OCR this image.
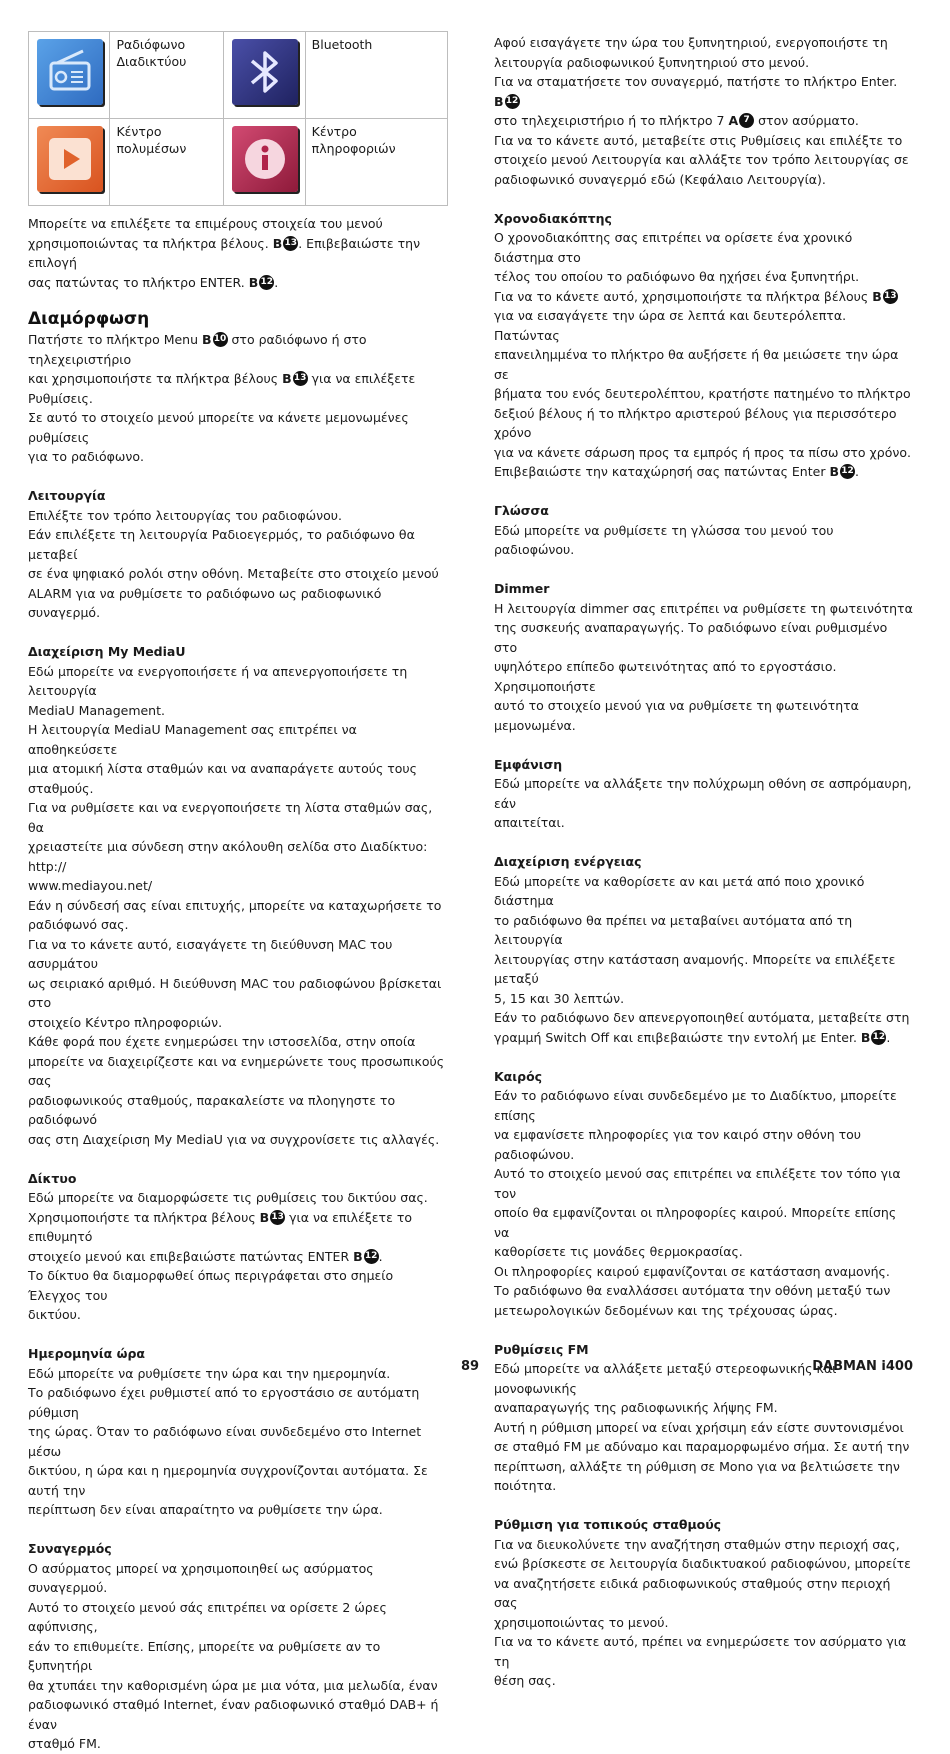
	Ραδιόφωνο
Διαδικτύου		Bluetooth

	Κέντρο
πολυμέσων		Κέντρο πληροφοριών

Μπορείτε να επιλέξετε τα επιμέρους στοιχεία του μενού
χρησιμοποιώντας τα πλήκτρα βέλους. B 13 . Επιβεβαιώστε την επιλογή
σας πατώντας το πλήκτρο ENTER. B 12 .

Διαμόρφωση

Πατήστε το πλήκτρο Menu B 10 στο ραδιόφωνο ή στο τηλεχειριστήριο
και χρησιμοποιήστε τα πλήκτρα βέλους B 13 για να επιλέξετε
Ρυθμίσεις.
Σε αυτό το στοιχείο μενού μπορείτε να κάνετε μεμονωμένες ρυθμίσεις
για το ραδιόφωνο.

Λειτουργία

Επιλέξτε τον τρόπο λειτουργίας του ραδιοφώνου.
Εάν επιλέξετε τη λειτουργία Ραδιοεγερμός, το ραδιόφωνο θα μεταβεί
σε ένα ψηφιακό ρολόι στην οθόνη. Μεταβείτε στο στοιχείο μενού
ALARM για να ρυθμίσετε το ραδιόφωνο ως ραδιοφωνικό συναγερμό.

Διαχείριση My MediaU

Εδώ μπορείτε να ενεργοποιήσετε ή να απενεργοποιήσετε τη λειτουργία
MediaU Management.
Η λειτουργία MediaU Management σας επιτρέπει να αποθηκεύσετε
μια ατομική λίστα σταθμών και να αναπαράγετε αυτούς τους σταθμούς.
Για να ρυθμίσετε και να ενεργοποιήσετε τη λίστα σταθμών σας, θα
χρειαστείτε μια σύνδεση στην ακόλουθη σελίδα στο Διαδίκτυο: http://
www.mediayou.net/
Εάν η σύνδεσή σας είναι επιτυχής, μπορείτε να καταχωρήσετε το
ραδιόφωνό σας.
Για να το κάνετε αυτό, εισαγάγετε τη διεύθυνση MAC του ασυρμάτου
ως σειριακό αριθμό. Η διεύθυνση MAC του ραδιοφώνου βρίσκεται στο
στοιχείο Κέντρο πληροφοριών.
Κάθε φορά που έχετε ενημερώσει την ιστοσελίδα, στην οποία
μπορείτε να διαχειρίζεστε και να ενημερώνετε τους προσωπικούς σας
ραδιοφωνικούς σταθμούς, παρακαλείστε να πλοηγηστε το ραδιόφωνό
σας στη Διαχείριση My MediaU για να συγχρονίσετε τις αλλαγές.

Δίκτυο

Εδώ μπορείτε να διαμορφώσετε τις ρυθμίσεις του δικτύου σας.
Χρησιμοποιήστε τα πλήκτρα βέλους B 13 για να επιλέξετε το επιθυμητό
στοιχείο μενού και επιβεβαιώστε πατώντας ENTER B 12 .
Το δίκτυο θα διαμορφωθεί όπως περιγράφεται στο σημείο Έλεγχος του
δικτύου.

Ημερομηνία ώρα

Εδώ μπορείτε να ρυθμίσετε την ώρα και την ημερομηνία.
Το ραδιόφωνο έχει ρυθμιστεί από το εργοστάσιο σε αυτόματη ρύθμιση
της ώρας. Όταν το ραδιόφωνο είναι συνδεδεμένο στο Internet μέσω
δικτύου, η ώρα και η ημερομηνία συγχρονίζονται αυτόματα. Σε αυτή την
περίπτωση δεν είναι απαραίτητο να ρυθμίσετε την ώρα.

Συναγερμός

Ο ασύρματος μπορεί να χρησιμοποιηθεί ως ασύρματος συναγερμού.
Αυτό το στοιχείο μενού σάς επιτρέπει να ορίσετε 2 ώρες αφύπνισης,
εάν το επιθυμείτε. Επίσης, μπορείτε να ρυθμίσετε αν το ξυπνητήρι
θα χτυπάει την καθορισμένη ώρα με μια νότα, μια μελωδία, έναν
ραδιοφωνικό σταθμό Internet, έναν ραδιοφωνικό σταθμό DAB+ ή έναν
σταθμό FM.

Αφού εισαγάγετε την ώρα του ξυπνητηριού, ενεργοποιήστε τη
λειτουργία ραδιοφωνικού ξυπνητηριού στο μενού.
Για να σταματήσετε τον συναγερμό, πατήστε το πλήκτρο Enter.
B 12

στο τηλεχειριστήριο ή το πλήκτρο 7 A 7 στον ασύρματο.
Για να το κάνετε αυτό, μεταβείτε στις Ρυθμίσεις και επιλέξτε το
στοιχείο μενού Λειτουργία και αλλάξτε τον τρόπο λειτουργίας σε
ραδιοφωνικό συναγερμό εδώ (Κεφάλαιο Λειτουργία).

Χρονοδιακόπτης

Ο χρονοδιακόπτης σας επιτρέπει να ορίσετε ένα χρονικό διάστημα στο
τέλος του οποίου το ραδιόφωνο θα ηχήσει ένα ξυπνητήρι.
Για να το κάνετε αυτό, χρησιμοποιήστε τα πλήκτρα βέλους B 13

για να εισαγάγετε την ώρα σε λεπτά και δευτερόλεπτα. Πατώντας
επανειλημμένα το πλήκτρο θα αυξήσετε ή θα μειώσετε την ώρα σε
βήματα του ενός δευτερολέπτου, κρατήστε πατημένο το πλήκτρο
δεξιού βέλους ή το πλήκτρο αριστερού βέλους για περισσότερο χρόνο
για να κάνετε σάρωση προς τα εμπρός ή προς τα πίσω στο χρόνο.
Επιβεβαιώστε την καταχώρησή σας πατώντας Enter B 12 .

Γλώσσα

Εδώ μπορείτε να ρυθμίσετε τη γλώσσα του μενού του ραδιοφώνου.

Dimmer

Η λειτουργία dimmer σας επιτρέπει να ρυθμίσετε τη φωτεινότητα
της συσκευής αναπαραγωγής. Το ραδιόφωνο είναι ρυθμισμένο στο
υψηλότερο επίπεδο φωτεινότητας από το εργοστάσιο. Χρησιμοποιήστε
αυτό το στοιχείο μενού για να ρυθμίσετε τη φωτεινότητα μεμονωμένα.

Εμφάνιση

Εδώ μπορείτε να αλλάξετε την πολύχρωμη οθόνη σε ασπρόμαυρη, εάν
απαιτείται.

Διαχείριση ενέργειας

Εδώ μπορείτε να καθορίσετε αν και μετά από ποιο χρονικό διάστημα
το ραδιόφωνο θα πρέπει να μεταβαίνει αυτόματα από τη λειτουργία
λειτουργίας στην κατάσταση αναμονής. Μπορείτε να επιλέξετε μεταξύ
5, 15 και 30 λεπτών.
Εάν το ραδιόφωνο δεν απενεργοποιηθεί αυτόματα, μεταβείτε στη
γραμμή Switch Off και επιβεβαιώστε την εντολή με Enter. B 12 .

Καιρός

Εάν το ραδιόφωνο είναι συνδεδεμένο με το Διαδίκτυο, μπορείτε επίσης
να εμφανίσετε πληροφορίες για τον καιρό στην οθόνη του ραδιοφώνου.
Αυτό το στοιχείο μενού σας επιτρέπει να επιλέξετε τον τόπο για τον
οποίο θα εμφανίζονται οι πληροφορίες καιρού. Μπορείτε επίσης να
καθορίσετε τις μονάδες θερμοκρασίας.
Οι πληροφορίες καιρού εμφανίζονται σε κατάσταση αναμονής.
Το ραδιόφωνο θα εναλλάσσει αυτόματα την οθόνη μεταξύ των
μετεωρολογικών δεδομένων και της τρέχουσας ώρας.

Ρυθμίσεις FM

Εδώ μπορείτε να αλλάξετε μεταξύ στερεοφωνικής και μονοφωνικής
αναπαραγωγής της ραδιοφωνικής λήψης FM.
Αυτή η ρύθμιση μπορεί να είναι χρήσιμη εάν είστε συντονισμένοι
σε σταθμό FM με αδύναμο και παραμορφωμένο σήμα. Σε αυτή την
περίπτωση, αλλάξτε τη ρύθμιση σε Mono για να βελτιώσετε την
ποιότητα.

Ρύθμιση για τοπικούς σταθμούς

Για να διευκολύνετε την αναζήτηση σταθμών στην περιοχή σας,
ενώ βρίσκεστε σε λειτουργία διαδικτυακού ραδιοφώνου, μπορείτε
να αναζητήσετε ειδικά ραδιοφωνικούς σταθμούς στην περιοχή σας
χρησιμοποιώντας το μενού.
Για να το κάνετε αυτό, πρέπει να ενημερώσετε τον ασύρματο για τη
θέση σας.

89	DABMAN i400
